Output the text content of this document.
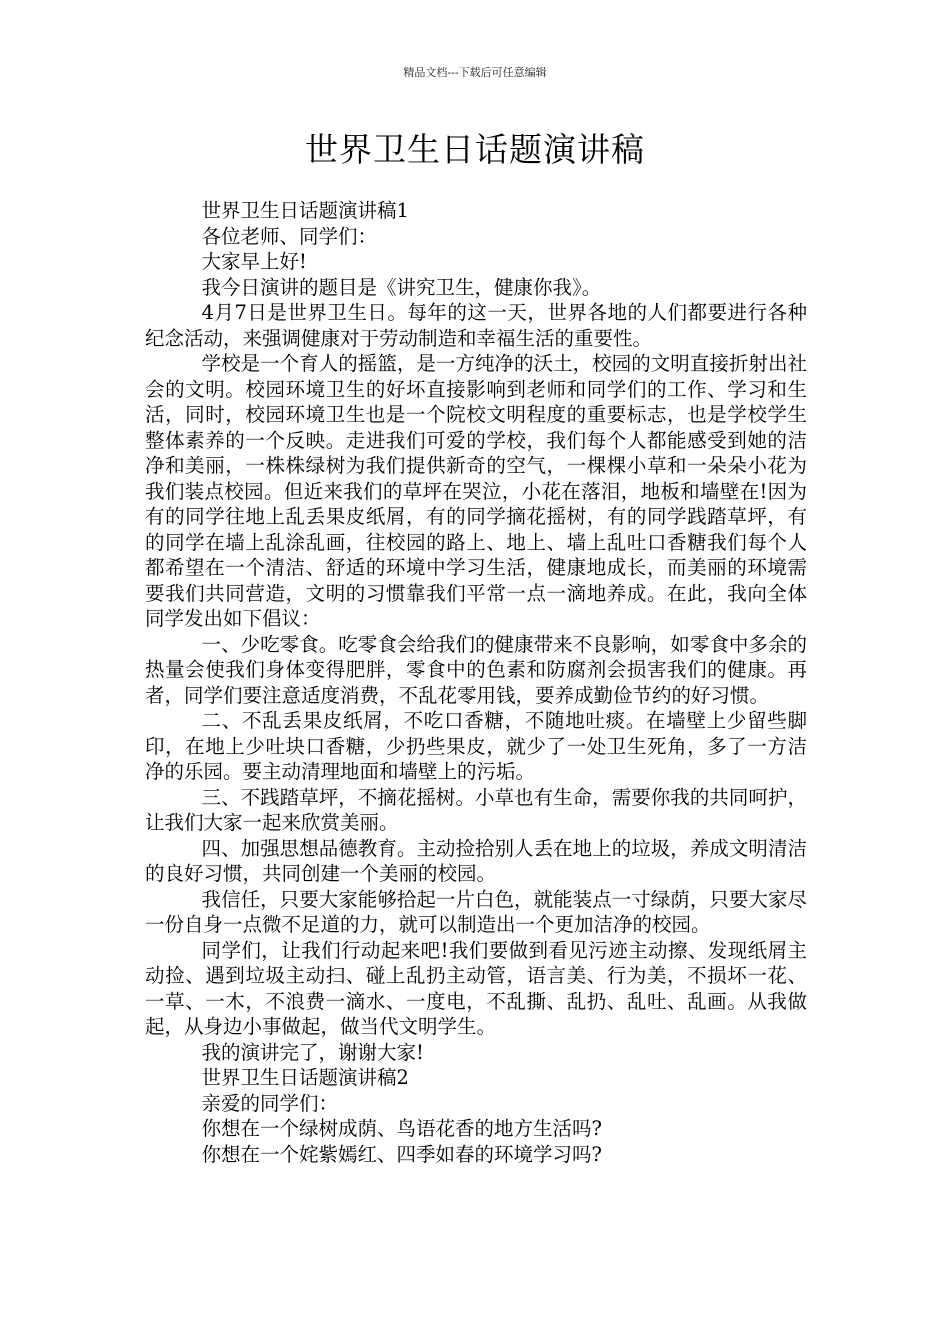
精品文档---下载后可任意编辑
世界卫生日话题演讲稿

世界卫生日话题演讲稿1

各位老师、同学们：

大家早上好!

我今日演讲的题目是《讲究卫生，健康你我》。

4月7日是世界卫生日。每年的这一天，世界各地的人们都要进行各种纪念活动，来强调健康对于劳动制造和幸福生活的重要性。

学校是一个育人的摇篮，是一方纯净的沃土，校园的文明直接折射出社会的文明。校园环境卫生的好坏直接影响到老师和同学们的工作、学习和生活，同时，校园环境卫生也是一个院校文明程度的重要标志，也是学校学生整体素养的一个反映。走进我们可爱的学校，我们每个人都能感受到她的洁净和美丽，一株株绿树为我们提供新奇的空气，一棵棵小草和一朵朵小花为我们装点校园。但近来我们的草坪在哭泣，小花在落泪，地板和墙壁在!因为有的同学往地上乱丢果皮纸屑，有的同学摘花摇树，有的同学践踏草坪，有的同学在墙上乱涂乱画，往校园的路上、地上、墙上乱吐口香糖我们每个人都希望在一个清洁、舒适的环境中学习生活，健康地成长，而美丽的环境需要我们共同营造，文明的习惯靠我们平常一点一滴地养成。在此，我向全体同学发出如下倡议：

一、少吃零食。吃零食会给我们的健康带来不良影响，如零食中多余的热量会使我们身体变得肥胖，零食中的色素和防腐剂会损害我们的健康。再者，同学们要注意适度消费，不乱花零用钱，要养成勤俭节约的好习惯。

二、不乱丢果皮纸屑，不吃口香糖，不随地吐痰。在墙壁上少留些脚印，在地上少吐块口香糖，少扔些果皮，就少了一处卫生死角，多了一方洁净的乐园。要主动清理地面和墙壁上的污垢。

三、不践踏草坪，不摘花摇树。小草也有生命，需要你我的共同呵护，让我们大家一起来欣赏美丽。

四、加强思想品德教育。主动捡拾别人丢在地上的垃圾，养成文明清洁的良好习惯，共同创建一个美丽的校园。

我信任，只要大家能够拾起一片白色，就能装点一寸绿荫，只要大家尽一份自身一点微不足道的力，就可以制造出一个更加洁净的校园。

同学们，让我们行动起来吧!我们要做到看见污迹主动擦、发现纸屑主动捡、遇到垃圾主动扫、碰上乱扔主动管，语言美、行为美，不损坏一花、一草、一木，不浪费一滴水、一度电，不乱撕、乱扔、乱吐、乱画。从我做起，从身边小事做起，做当代文明学生。

我的演讲完了，谢谢大家!

世界卫生日话题演讲稿2

亲爱的同学们：

你想在一个绿树成荫、鸟语花香的地方生活吗?

你想在一个姹紫嫣红、四季如春的环境学习吗?
